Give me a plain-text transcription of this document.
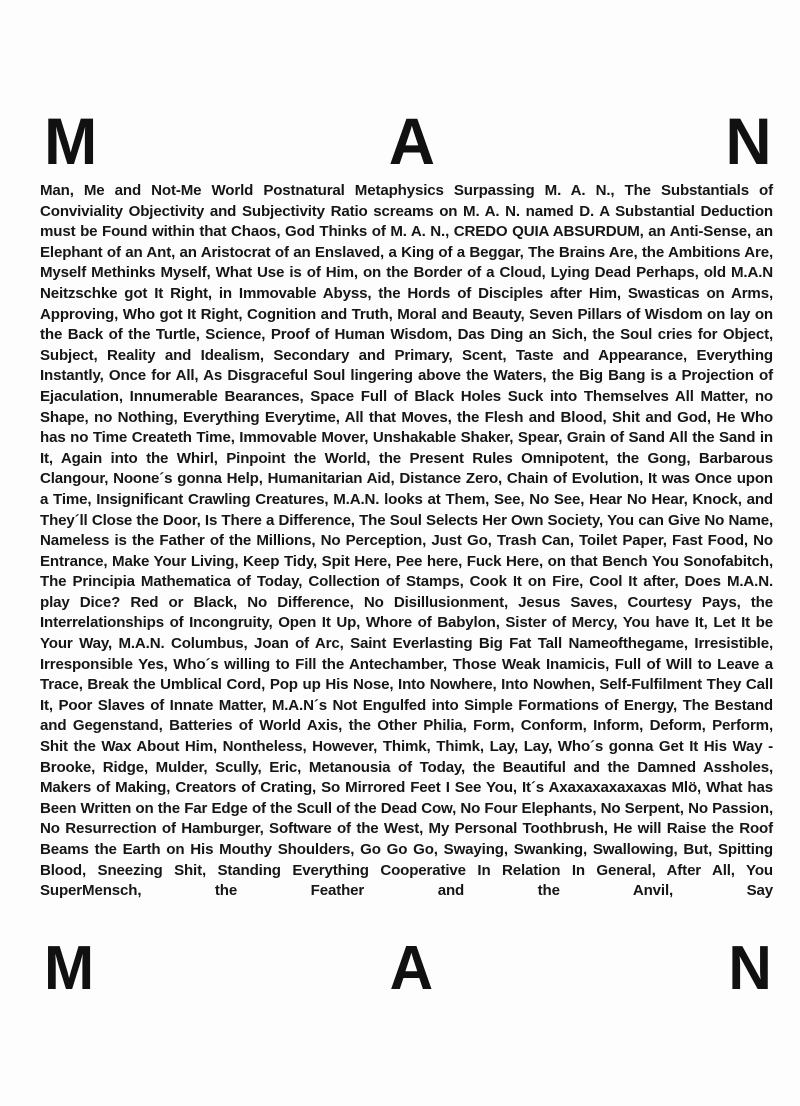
M	A	N

Man, Me and Not-Me World Postnatural Metaphysics Surpassing M. A. N., The Substantials of Conviviality Objectivity and Subjectivity Ratio screams on M. A. N. named D. A Substantial Deduction must be Found within that Chaos, God Thinks of M. A. N., CREDO QUIA ABSURDUM, an Anti-Sense, an Elephant of an Ant, an Aristocrat of an Enslaved, a King of a Beggar, The Brains Are, the Ambitions Are, Myself Methinks Myself, What Use is of Him, on the Border of a Cloud, Lying Dead Perhaps, old M.A.N Neitzschke got It Right, in Immovable Abyss, the Hords of Disciples after Him, Swasticas on Arms, Approving, Who got It Right, Cognition and Truth, Moral and Beauty, Seven Pillars of Wisdom on lay on the Back of the Turtle, Science, Proof of Human Wisdom, Das Ding an Sich, the Soul cries for Object, Subject, Reality and Idealism, Secondary and Primary, Scent, Taste and Appearance, Everything Instantly, Once for All, As Disgraceful Soul lingering above the Waters, the Big Bang is a Projection of Ejaculation, Innumerable Bearances, Space Full of Black Holes Suck into Themselves All Matter, no Shape, no Nothing, Everything Everytime, All that Moves, the Flesh and Blood, Shit and God, He Who has no Time Createth Time, Immovable Mover, Unshakable Shaker, Spear, Grain of Sand All the Sand in It, Again into the Whirl, Pinpoint the World, the Present Rules Omnipotent, the Gong, Barbarous Clangour, Noone´s gonna Help, Humanitarian Aid, Distance Zero, Chain of Evolution, It was Once upon a Time, Insignificant Crawling Creatures, M.A.N. looks at Them, See, No See, Hear No Hear, Knock, and They´ll Close the Door, Is There a Difference, The Soul Selects Her Own Society, You can Give No Name, Nameless is the Father of the Millions, No Perception, Just Go, Trash Can, Toilet Paper, Fast Food, No Entrance, Make Your Living, Keep Tidy, Spit Here, Pee here, Fuck Here, on that Bench You Sonofabitch, The Principia Mathematica of Today, Collection of Stamps, Cook It on Fire, Cool It after, Does M.A.N. play Dice? Red or Black, No Difference, No Disillusionment, Jesus Saves, Courtesy Pays, the Interrelationships of Incongruity, Open It Up, Whore of Babylon, Sister of Mercy, You have It, Let It be Your Way, M.A.N. Columbus, Joan of Arc, Saint Everlasting Big Fat Tall Nameofthegame, Irresistible, Irresponsible Yes, Who´s willing to Fill the Antechamber, Those Weak Inamicis, Full of Will to Leave a Trace, Break the Umblical Cord, Pop up His Nose, Into Nowhere, Into Nowhen, Self-Fulfilment They Call It, Poor Slaves of Innate Matter, M.A.N´s Not Engulfed into Simple Formations of Energy, The Bestand and Gegenstand, Batteries of World Axis, the Other Philia, Form, Conform, Inform, Deform, Perform, Shit the Wax About Him, Nontheless, However, Thimk, Thimk, Lay, Lay, Who´s gonna Get It His Way - Brooke, Ridge, Mulder, Scully, Eric, Metanousia of Today, the Beautiful and the Damned Assholes, Makers of Making, Creators of Crating, So Mirrored Feet I See You, It´s Axaxaxaxaxaxas Mlö, What has Been Written on the Far Edge of the Scull of the Dead Cow, No Four Elephants, No Serpent, No Passion, No Resurrection of Hamburger, Software of the West, My Personal Toothbrush, He will Raise the Roof Beams the Earth on His Mouthy Shoulders, Go Go Go, Swaying, Swanking, Swallowing, But, Spitting Blood, Sneezing Shit, Standing Everything Cooperative In Relation In General, After All, You SuperMensch, the Feather and the Anvil, Say

M	A	N
